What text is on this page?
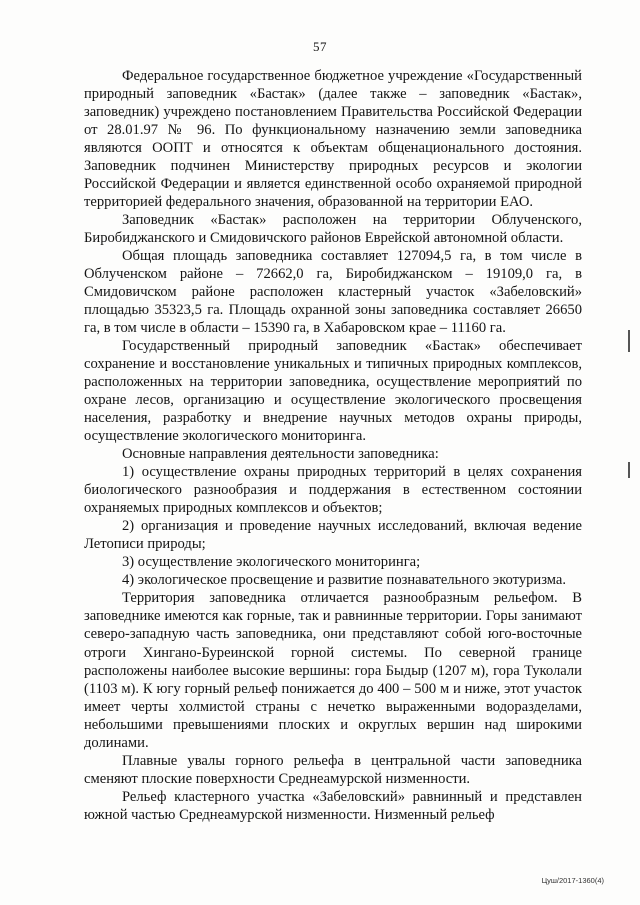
57

Федеральное государственное бюджетное учреждение «Государственный природный заповедник «Бастак» (далее также – заповедник «Бастак», заповедник) учреждено постановлением Правительства Российской Федерации от 28.01.97 № 96. По функциональному назначению земли заповедника являются ООПТ и относятся к объектам общенационального достояния. Заповедник подчинен Министерству природных ресурсов и экологии Российской Федерации и является единственной особо охраняемой природной территорией федерального значения, образованной на территории ЕАО.

Заповедник «Бастак» расположен на территории Облученского, Биробиджанского и Смидовичского районов Еврейской автономной области.

Общая площадь заповедника составляет 127094,5 га, в том числе в Облученском районе – 72662,0 га, Биробиджанском – 19109,0 га, в Смидовичском районе расположен кластерный участок «Забеловский» площадью 35323,5 га. Площадь охранной зоны заповедника составляет 26650 га, в том числе в области – 15390 га, в Хабаровском крае – 11160 га.

Государственный природный заповедник «Бастак» обеспечивает сохранение и восстановление уникальных и типичных природных комплексов, расположенных на территории заповедника, осуществление мероприятий по охране лесов, организацию и осуществление экологического просвещения населения, разработку и внедрение научных методов охраны природы, осуществление экологического мониторинга.

Основные направления деятельности заповедника:

1) осуществление охраны природных территорий в целях сохранения биологического разнообразия и поддержания в естественном состоянии охраняемых природных комплексов и объектов;

2) организация и проведение научных исследований, включая ведение Летописи природы;

3) осуществление экологического мониторинга;

4) экологическое просвещение и развитие познавательного экотуризма.

Территория заповедника отличается разнообразным рельефом. В заповеднике имеются как горные, так и равнинные территории. Горы занимают северо-западную часть заповедника, они представляют собой юго-восточные отроги Хингано-Буреинской горной системы. По северной границе расположены наиболее высокие вершины: гора Быдыр (1207 м), гора Туколали (1103 м). К югу горный рельеф понижается до 400 – 500 м и ниже, этот участок имеет черты холмистой страны с нечетко выраженными водоразделами, небольшими превышениями плоских и округлых вершин над широкими долинами.

Плавные увалы горного рельефа в центральной части заповедника сменяют плоские поверхности Среднеамурской низменности.

Рельеф кластерного участка «Забеловский» равнинный и представлен южной частью Среднеамурской низменности. Низменный рельеф

Цуш/2017-1360(4)
